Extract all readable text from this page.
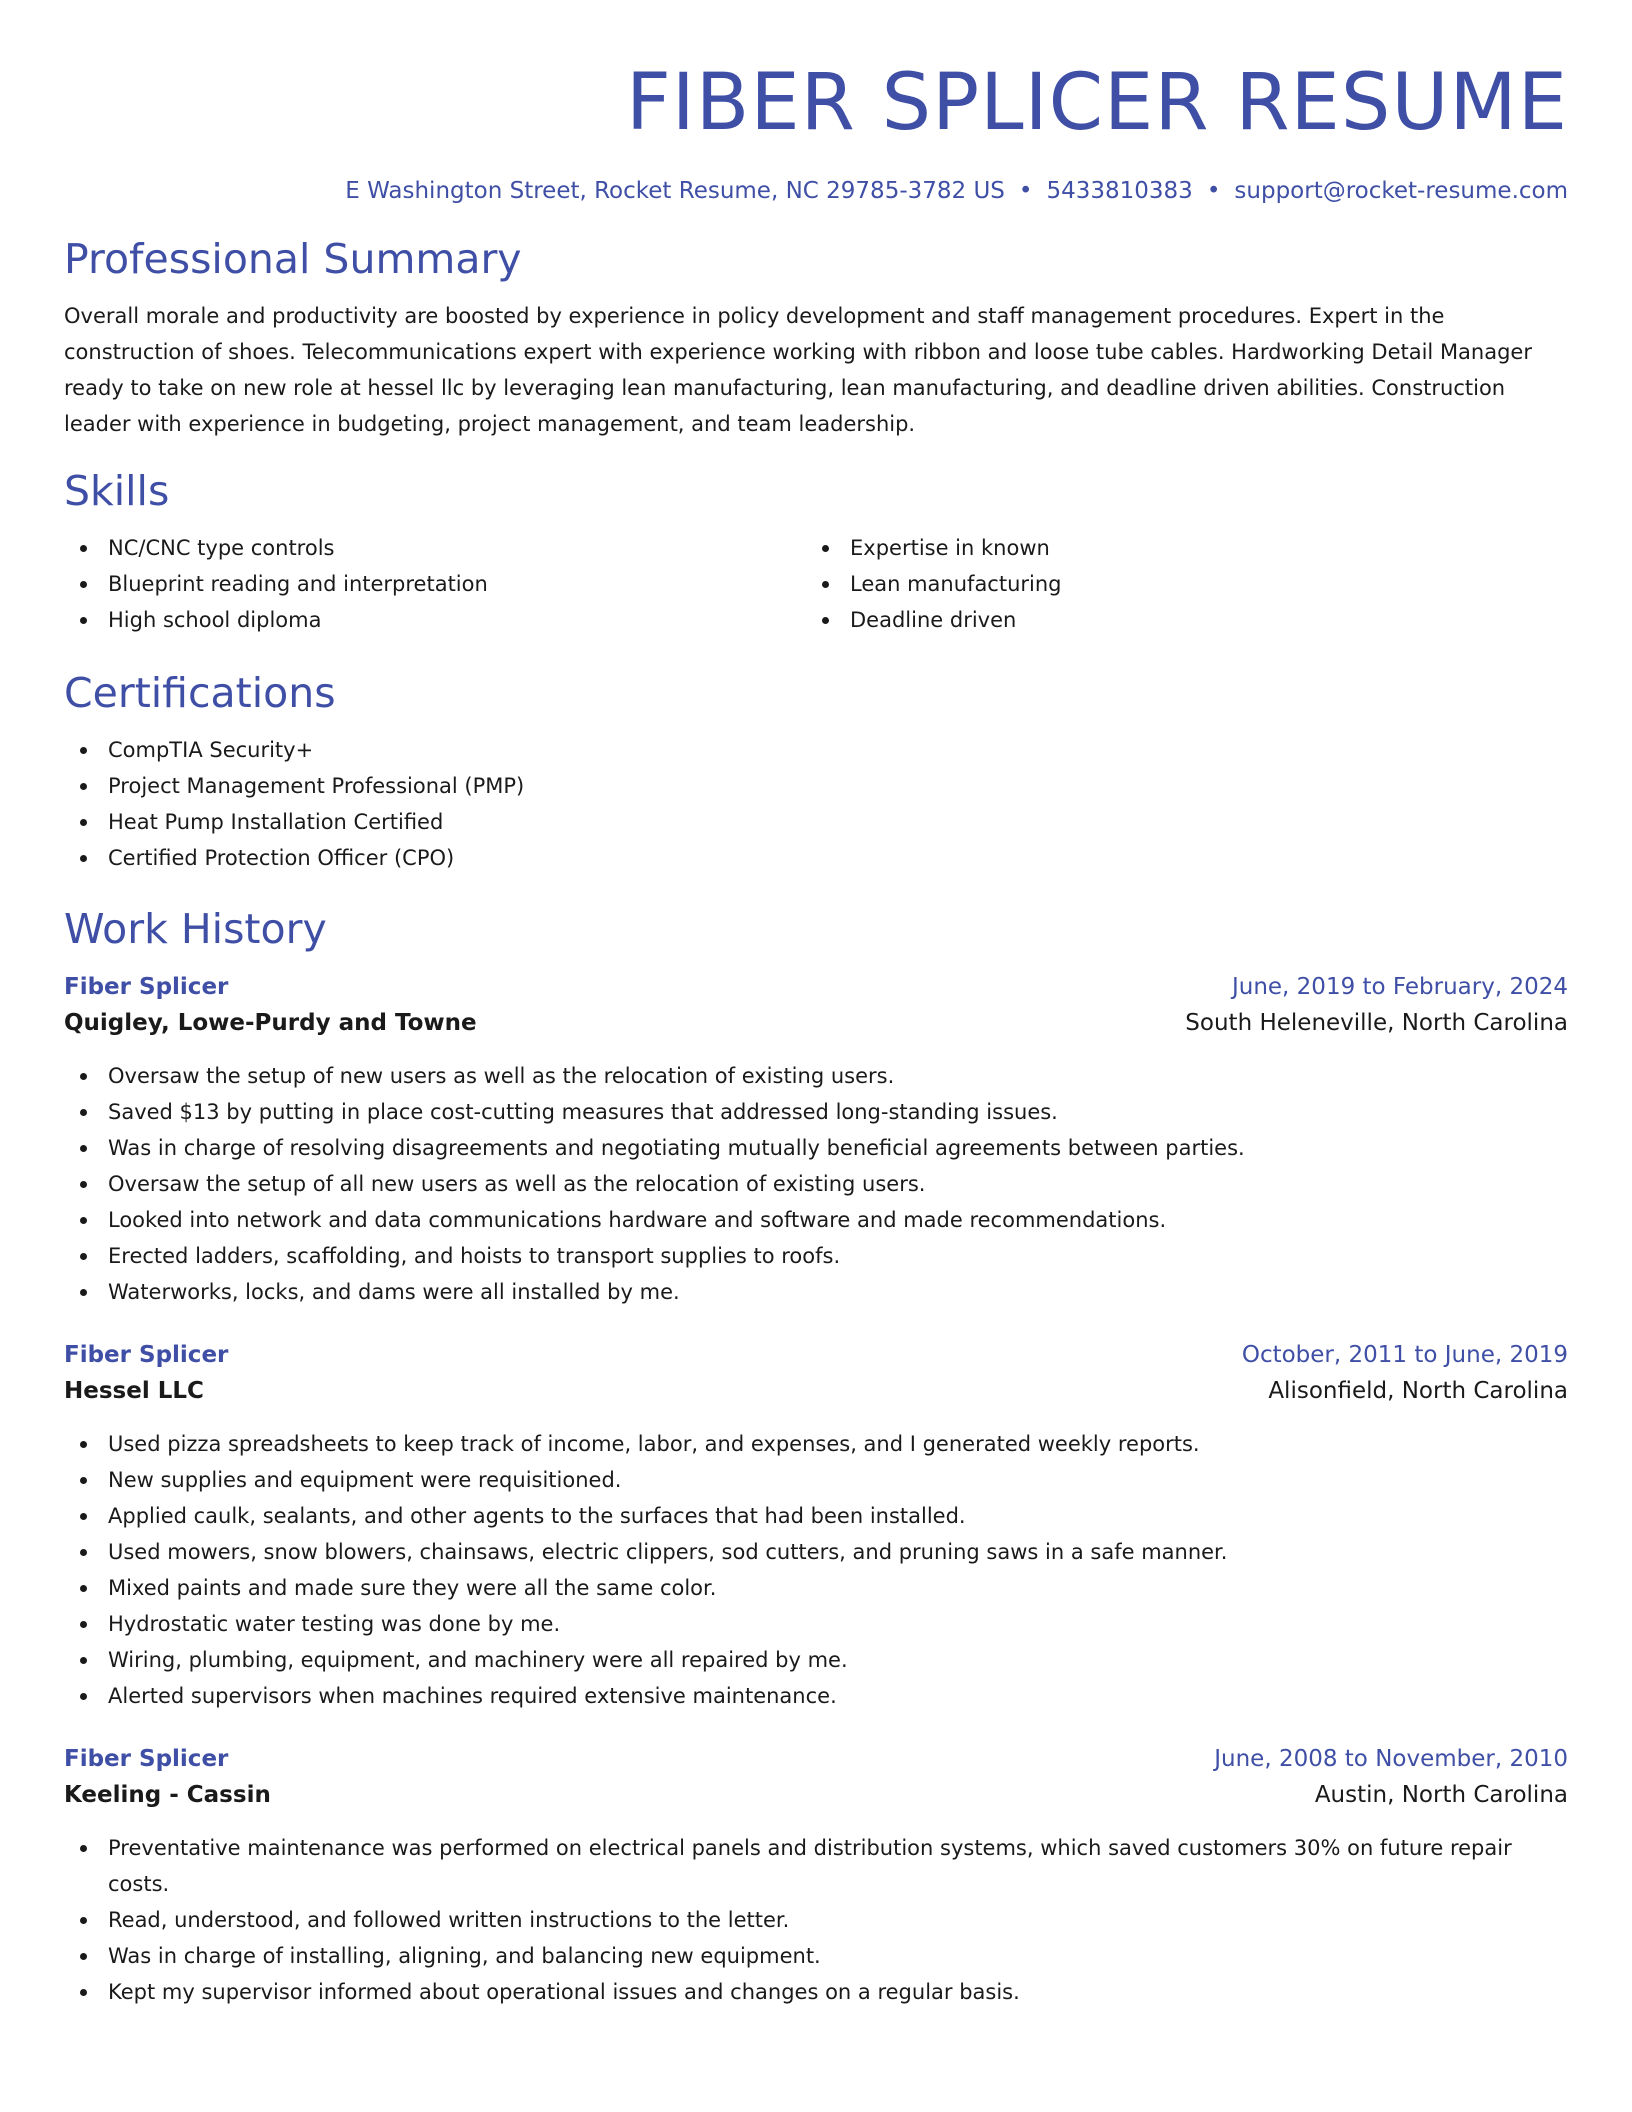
FIBER SPLICER RESUME
E Washington Street, Rocket Resume, NC 29785-3782 US • 5433810383 • support@rocket-resume.com
Professional Summary

Overall morale and productivity are boosted by experience in policy development and staff management procedures. Expert in the construction of shoes. Telecommunications expert with experience working with ribbon and loose tube cables. Hardworking Detail Manager ready to take on new role at hessel llc by leveraging lean manufacturing, lean manufacturing, and deadline driven abilities. Construction leader with experience in budgeting, project management, and team leadership.

Skills
NC/CNC type controls
Blueprint reading and interpretation
High school diploma
Expertise in known
Lean manufacturing
Deadline driven
Certifications
CompTIA Security+
Project Management Professional (PMP)
Heat Pump Installation Certified
Certified Protection Officer (CPO)
Work History
Fiber Splicer	June, 2019 to February, 2024
Quigley, Lowe-Purdy and Towne	South Heleneville, North Carolina
Oversaw the setup of new users as well as the relocation of existing users.
Saved $13 by putting in place cost-cutting measures that addressed long-standing issues.
Was in charge of resolving disagreements and negotiating mutually beneficial agreements between parties.
Oversaw the setup of all new users as well as the relocation of existing users.
Looked into network and data communications hardware and software and made recommendations.
Erected ladders, scaffolding, and hoists to transport supplies to roofs.
Waterworks, locks, and dams were all installed by me.
Fiber Splicer	October, 2011 to June, 2019
Hessel LLC	Alisonfield, North Carolina
Used pizza spreadsheets to keep track of income, labor, and expenses, and I generated weekly reports.
New supplies and equipment were requisitioned.
Applied caulk, sealants, and other agents to the surfaces that had been installed.
Used mowers, snow blowers, chainsaws, electric clippers, sod cutters, and pruning saws in a safe manner.
Mixed paints and made sure they were all the same color.
Hydrostatic water testing was done by me.
Wiring, plumbing, equipment, and machinery were all repaired by me.
Alerted supervisors when machines required extensive maintenance.
Fiber Splicer	June, 2008 to November, 2010
Keeling - Cassin	Austin, North Carolina
Preventative maintenance was performed on electrical panels and distribution systems, which saved customers 30% on future repair costs.
Read, understood, and followed written instructions to the letter.
Was in charge of installing, aligning, and balancing new equipment.
Kept my supervisor informed about operational issues and changes on a regular basis.
